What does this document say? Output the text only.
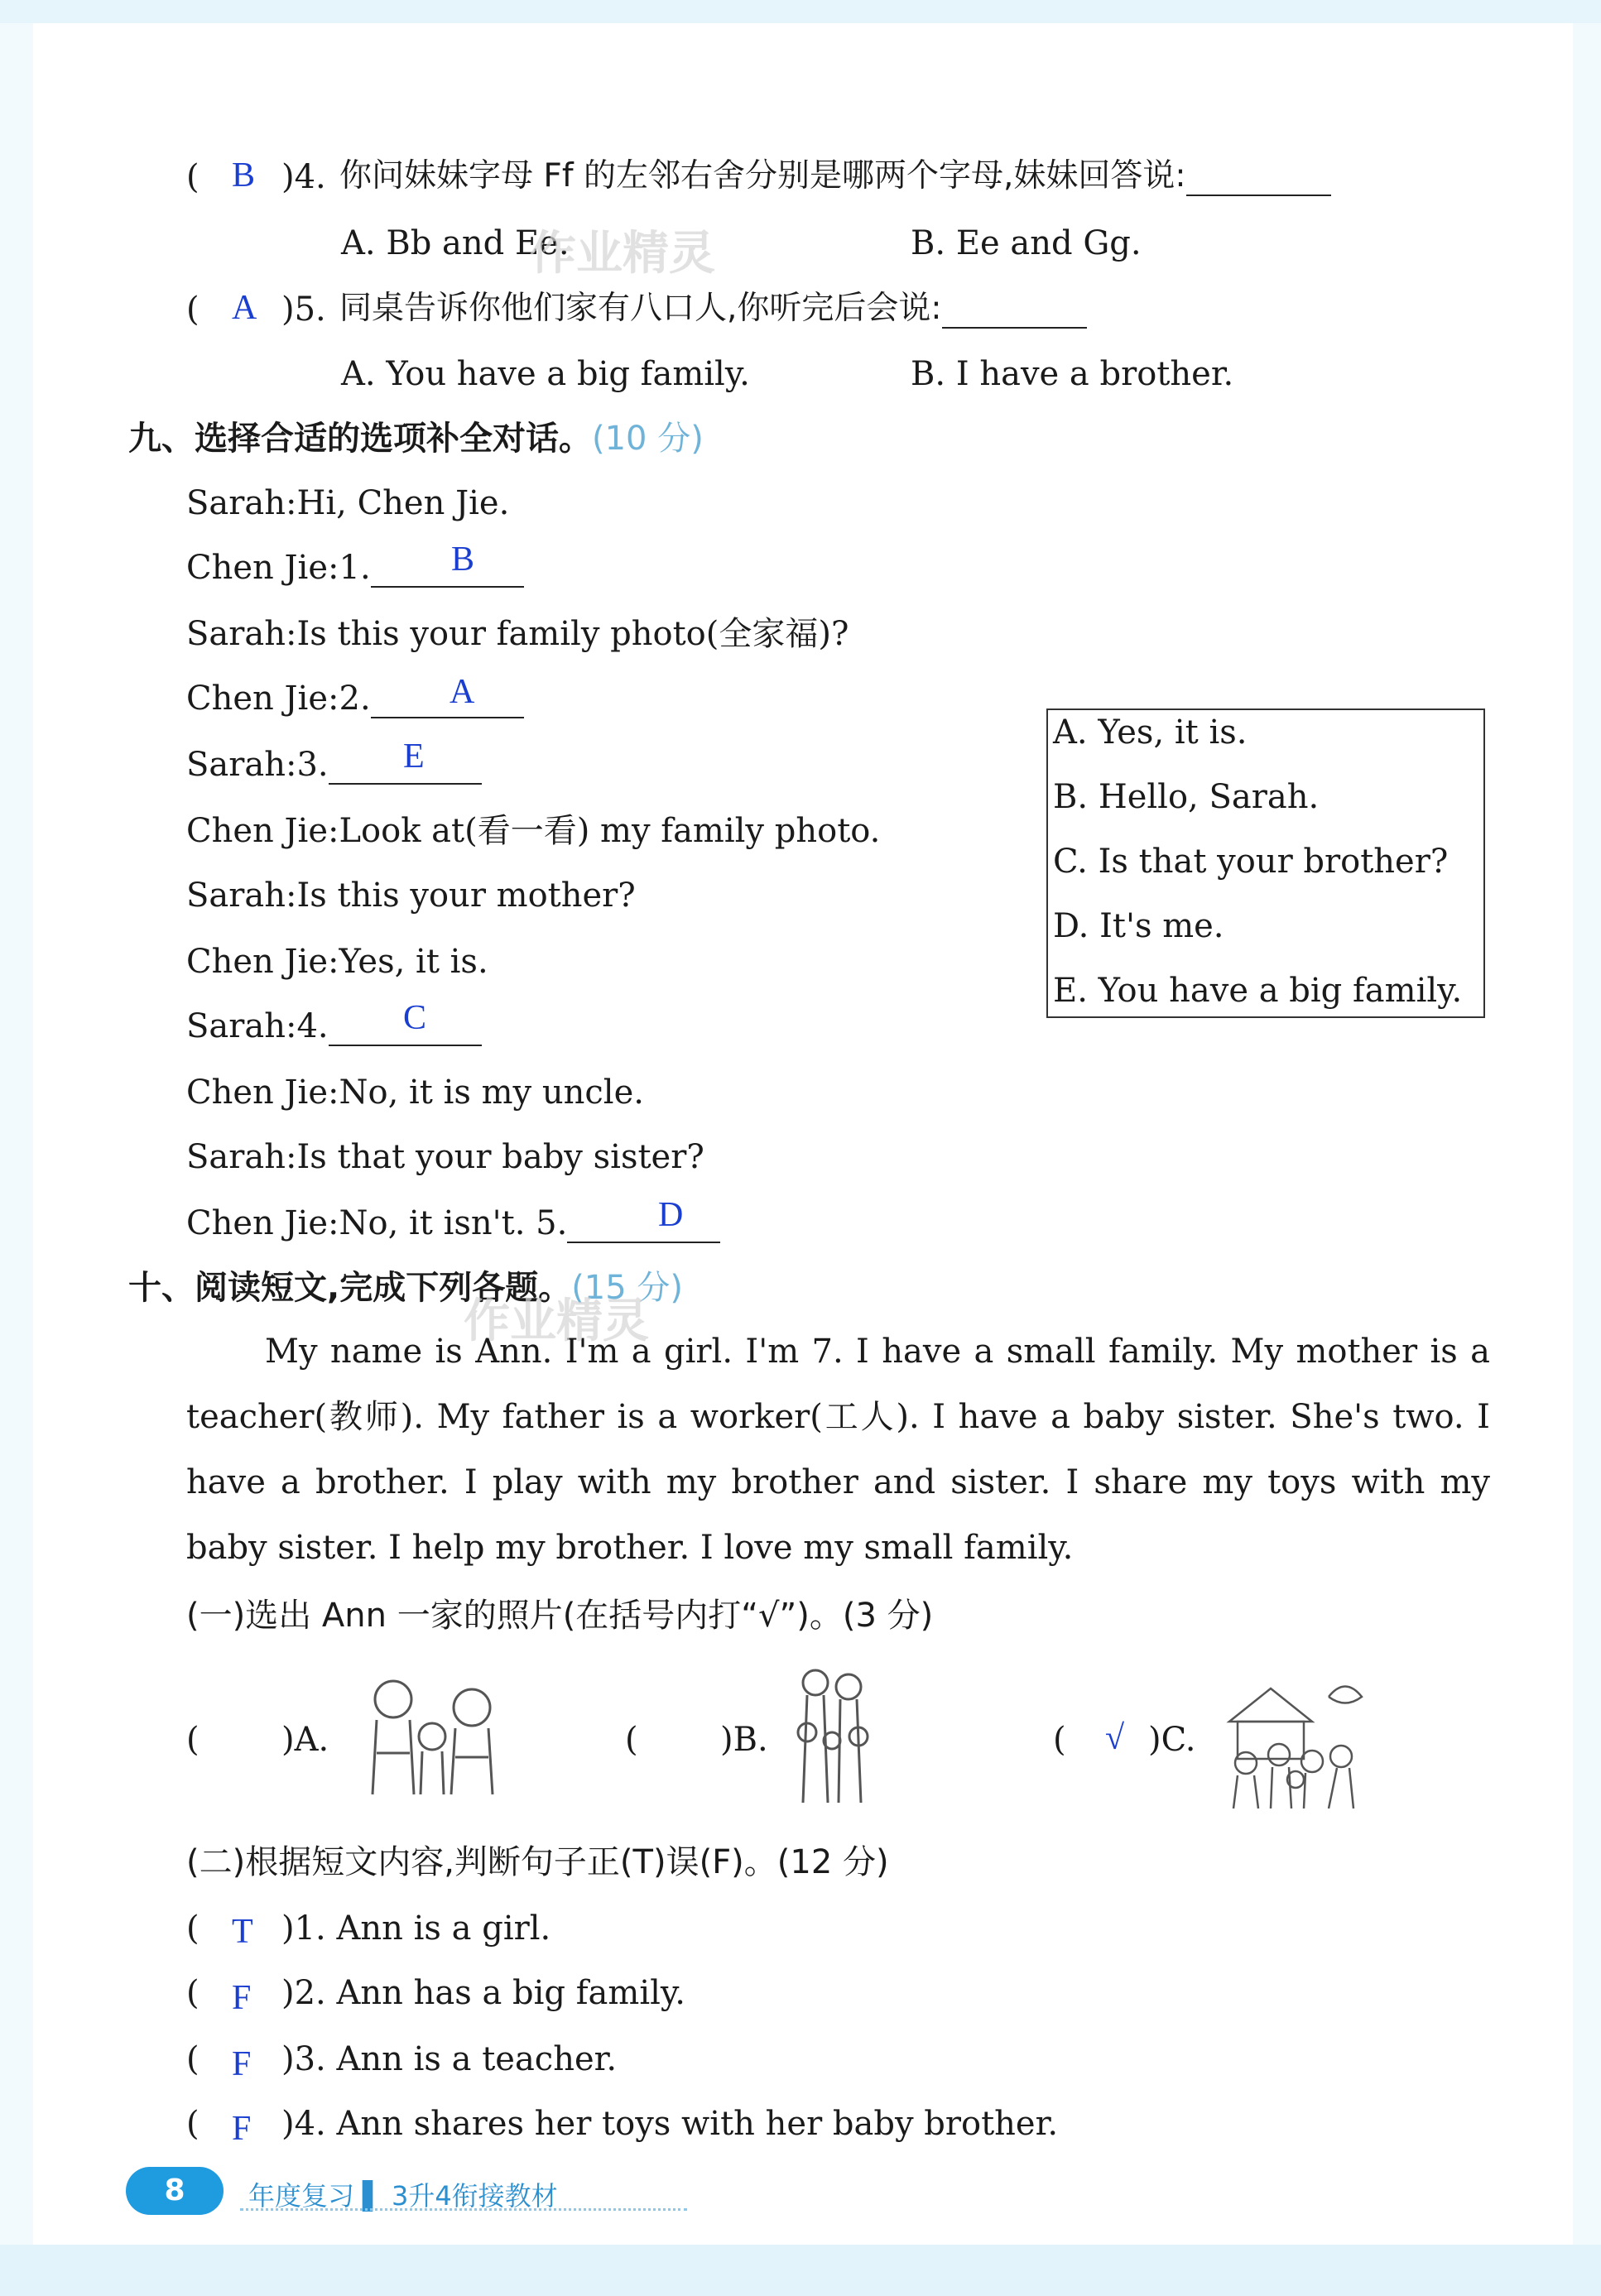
( B )4. 你问妹妹字母 Ff 的左邻右舍分别是哪两个字母,妹妹回答说:
A. Bb and Ee.	B. Ee and Gg.
( A )5. 同桌告诉你他们家有八口人,你听完后会说:
A. You have a big family.	B. I have a brother.
九、选择合适的选项补全对话。(10 分)
Sarah:Hi, Chen Jie.
Chen Jie:1.	B
Sarah:Is this your family photo(全家福)?
Chen Jie:2.	A
Sarah:3.	E
Chen Jie:Look at(看一看) my family photo.
Sarah:Is this your mother?
Chen Jie:Yes, it is.
Sarah:4.	C
Chen Jie:No, it is my uncle.
Sarah:Is that your baby sister?
Chen Jie:No, it isn't. 5.	D
A. Yes, it is.
B. Hello, Sarah.
C. Is that your brother?
D. It's me.
E. You have a big family.
十、阅读短文,完成下列各题。(15 分)
My name is Ann. I'm a girl. I'm 7. I have a small family. My mother is a teacher(教师). My father is a worker(工人). I have a baby sister. She's two. I have a brother. I play with my brother and sister. I share my toys with my baby sister. I help my brother. I love my small family.
(一)选出 Ann 一家的照片(在括号内打“√”)。(3 分)
( )A.	( )B.	( √ )C.
(二)根据短文内容,判断句子正(T)误(F)。(12 分)
( T )1. Ann is a girl.
( F )2. Ann has a big family.
( F )3. Ann is a teacher.
( F )4. Ann shares her toys with her baby brother.
作业精灵
作业精灵
8	年度复习 ▌ 3升4衔接教材
